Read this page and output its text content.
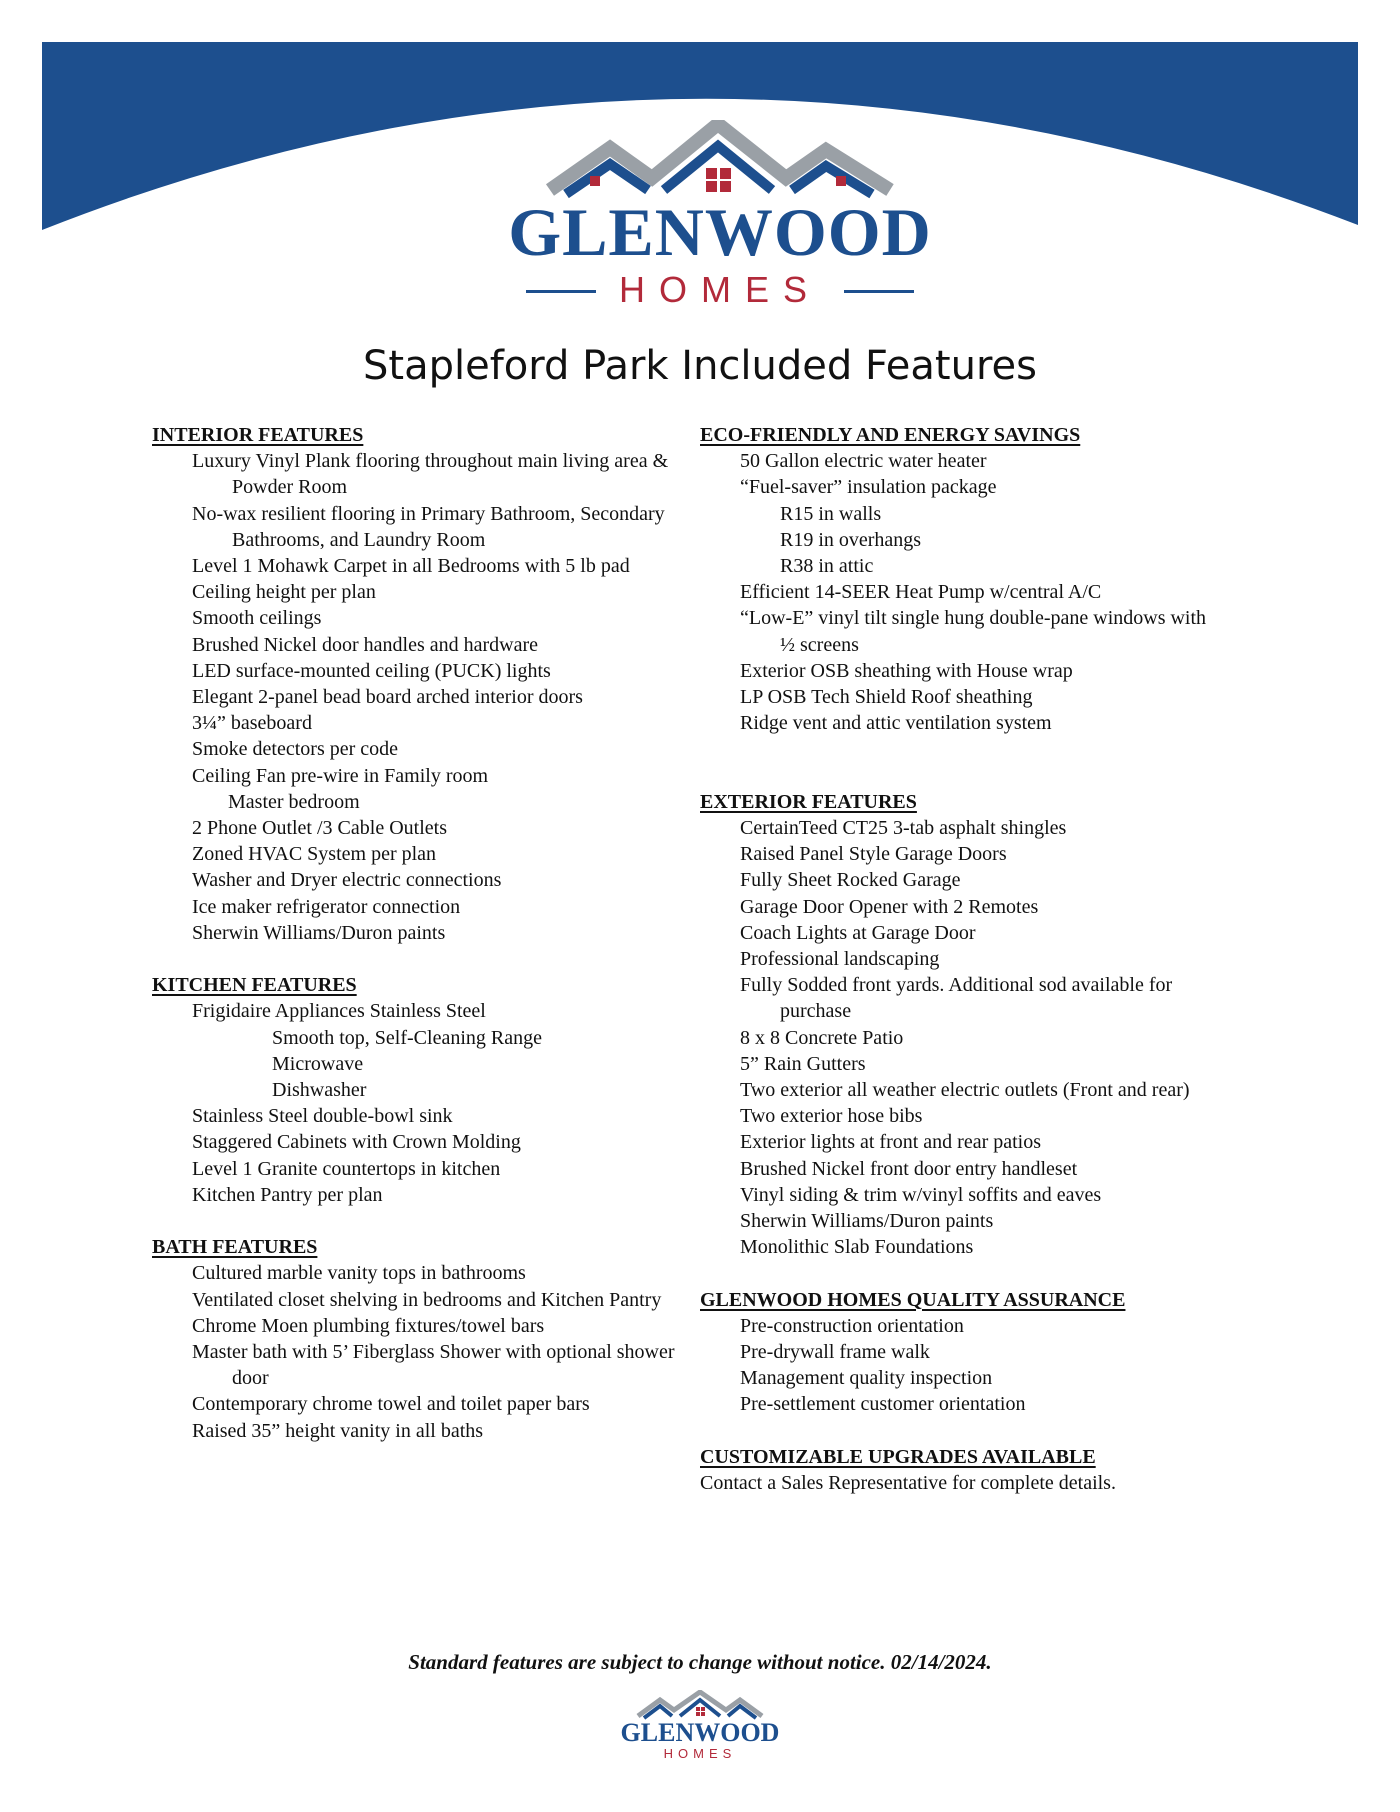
GLENWOOD
HOMES
Stapleford Park Included Features
INTERIOR FEATURES
Luxury Vinyl Plank flooring throughout main living area & Powder Room
No-wax resilient flooring in Primary Bathroom, Secondary Bathrooms, and Laundry Room
Level 1 Mohawk Carpet in all Bedrooms with 5 lb pad
Ceiling height per plan
Smooth ceilings
Brushed Nickel door handles and hardware
LED surface-mounted ceiling (PUCK) lights
Elegant 2-panel bead board arched interior doors
3¼” baseboard
Smoke detectors per code
Ceiling Fan pre-wire in Family room
Master bedroom
2 Phone Outlet /3 Cable Outlets
Zoned HVAC System per plan
Washer and Dryer electric connections
Ice maker refrigerator connection
Sherwin Williams/Duron paints
KITCHEN FEATURES
Frigidaire Appliances Stainless Steel
Smooth top, Self-Cleaning Range
Microwave
Dishwasher
Stainless Steel double-bowl sink
Staggered Cabinets with Crown Molding
Level 1 Granite countertops in kitchen
Kitchen Pantry per plan
BATH FEATURES
Cultured marble vanity tops in bathrooms
Ventilated closet shelving in bedrooms and Kitchen Pantry
Chrome Moen plumbing fixtures/towel bars
Master bath with 5’ Fiberglass Shower with optional shower door
Contemporary chrome towel and toilet paper bars
Raised 35” height vanity in all baths
ECO-FRIENDLY AND ENERGY SAVINGS
50 Gallon electric water heater
“Fuel-saver” insulation package
R15 in walls
R19 in overhangs
R38 in attic
Efficient 14-SEER Heat Pump w/central A/C
“Low-E” vinyl tilt single hung double-pane windows with ½ screens
Exterior OSB sheathing with House wrap
LP OSB Tech Shield Roof sheathing
Ridge vent and attic ventilation system
EXTERIOR FEATURES
CertainTeed CT25 3-tab asphalt shingles
Raised Panel Style Garage Doors
Fully Sheet Rocked Garage
Garage Door Opener with 2 Remotes
Coach Lights at Garage Door
Professional landscaping
Fully Sodded front yards. Additional sod available for purchase
8 x 8 Concrete Patio
5” Rain Gutters
Two exterior all weather electric outlets (Front and rear)
Two exterior hose bibs
Exterior lights at front and rear patios
Brushed Nickel front door entry handleset
Vinyl siding & trim w/vinyl soffits and eaves
Sherwin Williams/Duron paints
Monolithic Slab Foundations
GLENWOOD HOMES QUALITY ASSURANCE
Pre-construction orientation
Pre-drywall frame walk
Management quality inspection
Pre-settlement customer orientation
CUSTOMIZABLE UPGRADES AVAILABLE
Contact a Sales Representative for complete details.
Standard features are subject to change without notice. 02/14/2024.
GLENWOOD
HOMES
